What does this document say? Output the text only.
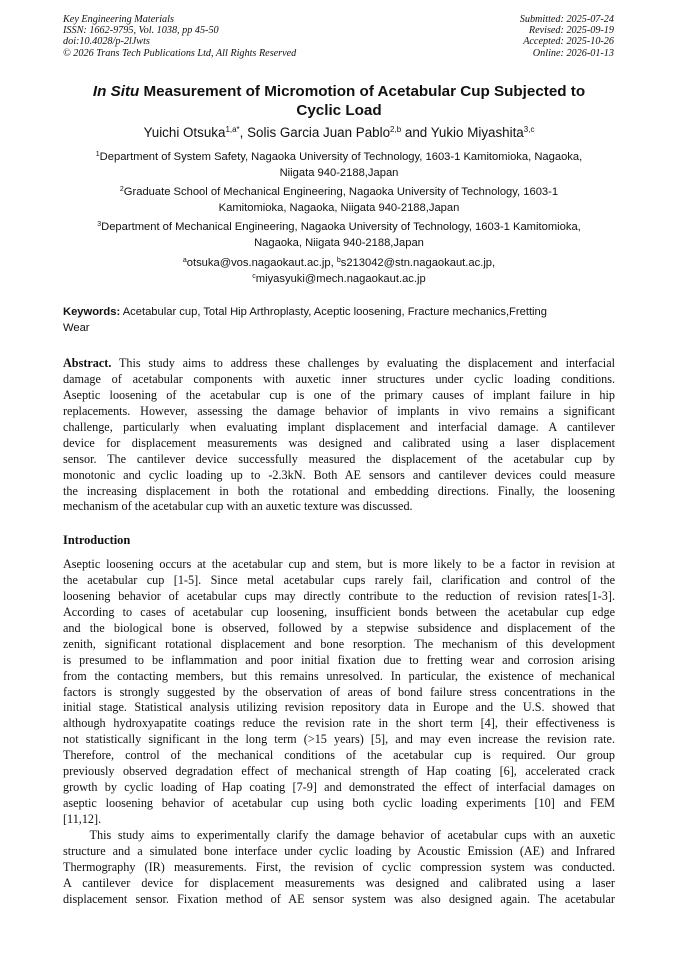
Key Engineering Materials
ISSN: 1662-9795, Vol. 1038, pp 45-50
doi:10.4028/p-2lJwts
© 2026 Trans Tech Publications Ltd, All Rights Reserved
Submitted: 2025-07-24
Revised: 2025-09-19
Accepted: 2025-10-26
Online: 2026-01-13
In Situ Measurement of Micromotion of Acetabular Cup Subjected to
Cyclic Load
Yuichi Otsuka$^{1,a*}$, Solis Garcia Juan Pablo$^{2,b}$ and Yukio Miyashita$^{3,c}$
$^1$Department of System Safety, Nagaoka University of Technology, 1603-1 Kamitomioka, Nagaoka,
Niigata 940-2188,Japan
$^2$Graduate School of Mechanical Engineering, Nagaoka University of Technology, 1603-1
Kamitomioka, Nagaoka, Niigata 940-2188,Japan
$^3$Department of Mechanical Engineering, Nagaoka University of Technology, 1603-1 Kamitomioka,
Nagaoka, Niigata 940-2188,Japan
$^a$otsuka@vos.nagaokaut.ac.jp, $^b$s213042@stn.nagaokaut.ac.jp,
$^c$miyasyuki@mech.nagaokaut.ac.jp
Keywords: Acetabular cup, Total Hip Arthroplasty, Aceptic loosening, Fracture mechanics,Fretting
Wear
Abstract. This study aims to address these challenges by evaluating the displacement and interfacial
damage of acetabular components with auxetic inner structures under cyclic loading conditions.
Aseptic loosening of the acetabular cup is one of the primary causes of implant failure in hip
replacements. However, assessing the damage behavior of implants in vivo remains a significant
challenge, particularly when evaluating implant displacement and interfacial damage. A cantilever
device for displacement measurements was designed and calibrated using a laser displacement
sensor. The cantilever device successfully measured the displacement of the acetabular cup by
monotonic and cyclic loading up to -2.3kN. Both AE sensors and cantilever devices could measure
the increasing displacement in both the rotational and embedding directions. Finally, the loosening
mechanism of the acetabular cup with an auxetic texture was discussed.
Introduction
Aseptic loosening occurs at the acetabular cup and stem, but is more likely to be a factor in revision at
the acetabular cup [1-5]. Since metal acetabular cups rarely fail, clarification and control of the
loosening behavior of acetabular cups may directly contribute to the reduction of revision rates[1-3].
According to cases of acetabular cup loosening, insufficient bonds between the acetabular cup edge
and the biological bone is observed, followed by a stepwise subsidence and displacement of the
zenith, significant rotational displacement and bone resorption. The mechanism of this development
is presumed to be inflammation and poor initial fixation due to fretting wear and corrosion arising
from the contacting members, but this remains unresolved. In particular, the existence of mechanical
factors is strongly suggested by the observation of areas of bond failure stress concentrations in the
initial stage. Statistical analysis utilizing revision repository data in Europe and the U.S. showed that
although hydroxyapatite coatings reduce the revision rate in the short term [4], their effectiveness is
not statistically significant in the long term (>15 years) [5], and may even increase the revision rate.
Therefore, control of the mechanical conditions of the acetabular cup is required. Our group
previously observed degradation effect of mechanical strength of Hap coating [6], accelerated crack
growth by cyclic loading of Hap coating [7-9] and demonstrated the effect of interfacial damages on
aseptic loosening behavior of acetabular cup using both cyclic loading experiments [10] and FEM
[11,12].
This study aims to experimentally clarify the damage behavior of acetabular cups with an auxetic
structure and a simulated bone interface under cyclic loading by Acoustic Emission (AE) and Infrared
Thermography (IR) measurements. First, the revision of cyclic compression system was conducted.
A cantilever device for displacement measurements was designed and calibrated using a laser
displacement sensor. Fixation method of AE sensor system was also designed again. The acetabular
